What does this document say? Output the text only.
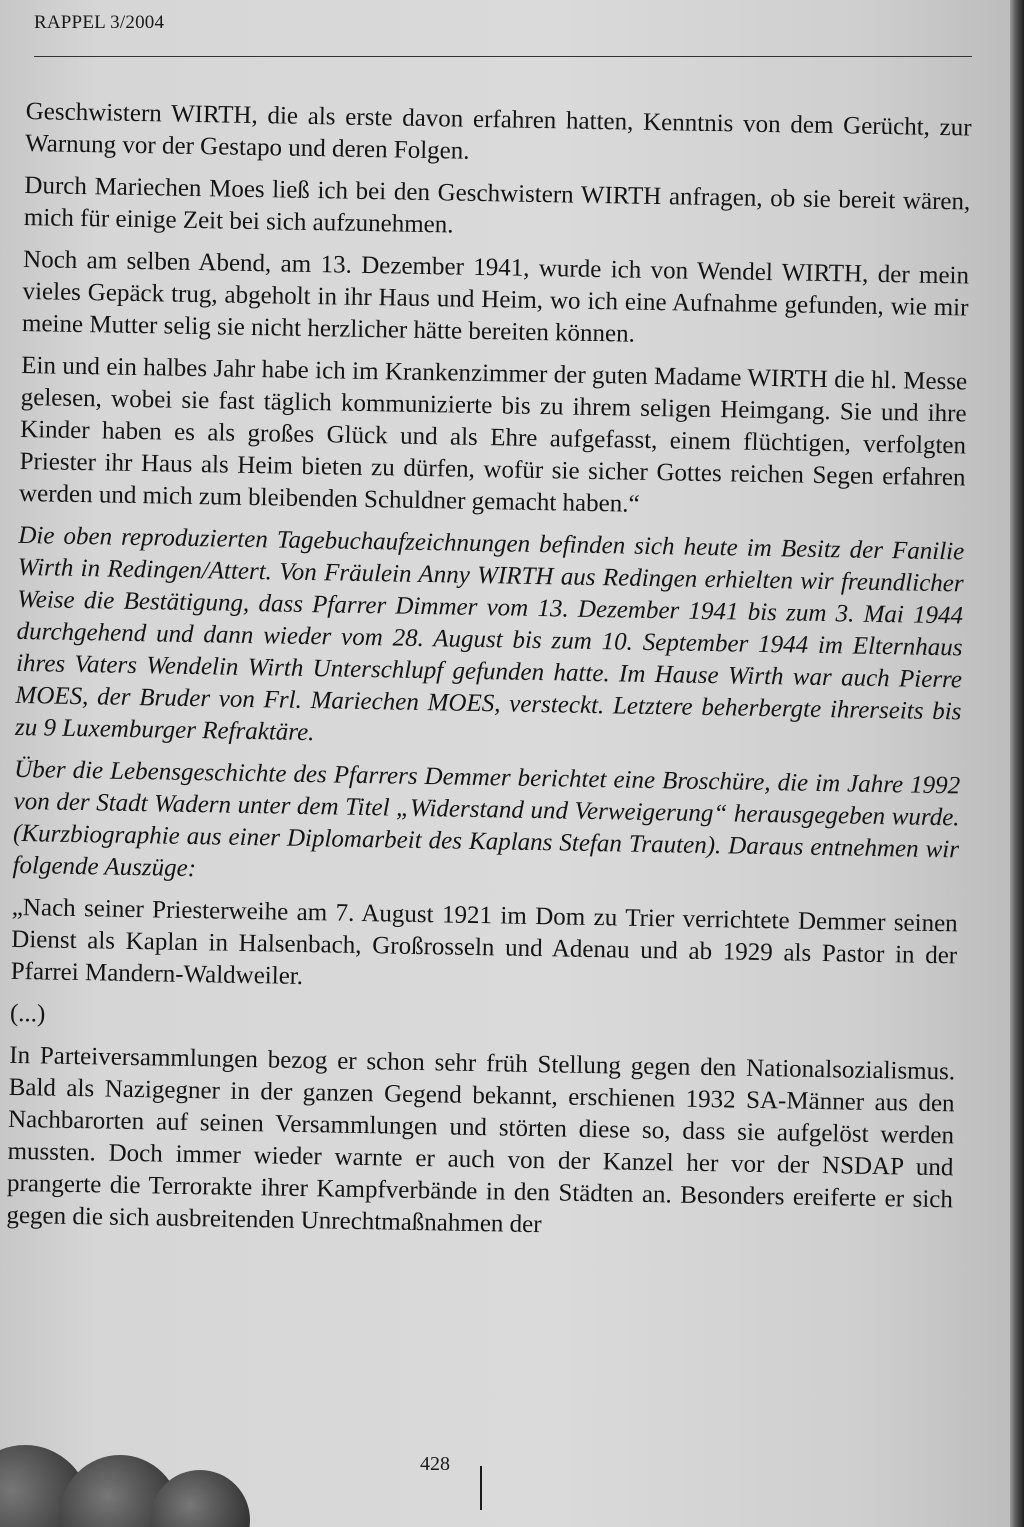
RAPPEL 3/2004

Geschwistern WIRTH, die als erste davon erfahren hatten, Kenntnis von dem Gerücht, zur Warnung vor der Gestapo und deren Folgen.

Durch Mariechen Moes ließ ich bei den Geschwistern WIRTH anfragen, ob sie bereit wären, mich für einige Zeit bei sich aufzunehmen.

Noch am selben Abend, am 13. Dezember 1941, wurde ich von Wendel WIRTH, der mein vieles Gepäck trug, abgeholt in ihr Haus und Heim, wo ich eine Aufnahme gefunden, wie mir meine Mutter selig sie nicht herzlicher hätte bereiten können.

Ein und ein halbes Jahr habe ich im Krankenzimmer der guten Madame WIRTH die hl. Messe gelesen, wobei sie fast täglich kommunizierte bis zu ihrem seligen Heimgang. Sie und ihre Kinder haben es als großes Glück und als Ehre aufgefasst, einem flüchtigen, verfolgten Priester ihr Haus als Heim bieten zu dürfen, wofür sie sicher Gottes reichen Segen erfahren werden und mich zum bleibenden Schuldner gemacht haben.“

Die oben reproduzierten Tagebuchaufzeichnungen befinden sich heute im Besitz der Fanilie Wirth in Redingen/Attert. Von Fräulein Anny WIRTH aus Redingen erhielten wir freundlicher Weise die Bestätigung, dass Pfarrer Dimmer vom 13. Dezember 1941 bis zum 3. Mai 1944 durchgehend und dann wieder vom 28. August bis zum 10. September 1944 im Elternhaus ihres Vaters Wendelin Wirth Unterschlupf gefunden hatte. Im Hause Wirth war auch Pierre MOES, der Bruder von Frl. Mariechen MOES, versteckt. Letztere beherbergte ihrerseits bis zu 9 Luxemburger Refraktäre.

Über die Lebensgeschichte des Pfarrers Demmer berichtet eine Broschüre, die im Jahre 1992 von der Stadt Wadern unter dem Titel „Widerstand und Verweigerung“ herausgegeben wurde. (Kurzbiographie aus einer Diplomarbeit des Kaplans Stefan Trauten). Daraus entnehmen wir folgende Auszüge:

„Nach seiner Priesterweihe am 7. August 1921 im Dom zu Trier verrichtete Demmer seinen Dienst als Kaplan in Halsenbach, Großrosseln und Adenau und ab 1929 als Pastor in der Pfarrei Mandern-Waldweiler.

(...)

In Parteiversammlungen bezog er schon sehr früh Stellung gegen den Nationalsozialismus. Bald als Nazigegner in der ganzen Gegend bekannt, erschienen 1932 SA-Männer aus den Nachbarorten auf seinen Versammlungen und störten diese so, dass sie aufgelöst werden mussten. Doch immer wieder warnte er auch von der Kanzel her vor der NSDAP und prangerte die Terrorakte ihrer Kampfverbände in den Städten an. Besonders ereiferte er sich gegen die sich ausbreitenden Unrechtmaßnahmen der

428
